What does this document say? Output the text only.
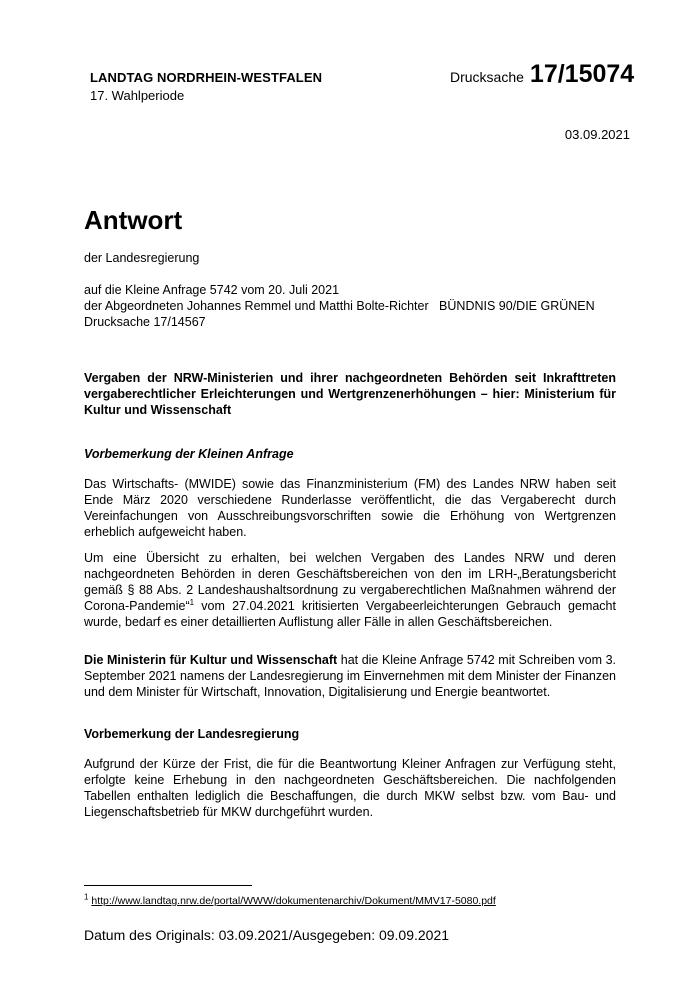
LANDTAG NORDRHEIN-WESTFALEN
17. Wahlperiode
Drucksache 17/15074
03.09.2021
Antwort
der Landesregierung
auf die Kleine Anfrage 5742 vom 20. Juli 2021
der Abgeordneten Johannes Remmel und Matthi Bolte-Richter   BÜNDNIS 90/DIE GRÜNEN
Drucksache 17/14567
Vergaben der NRW-Ministerien und ihrer nachgeordneten Behörden seit Inkrafttreten vergaberechtlicher Erleichterungen und Wertgrenzenerhöhungen – hier: Ministerium für Kultur und Wissenschaft
Vorbemerkung der Kleinen Anfrage
Das Wirtschafts- (MWIDE) sowie das Finanzministerium (FM) des Landes NRW haben seit Ende März 2020 verschiedene Runderlasse veröffentlicht, die das Vergaberecht durch Vereinfachungen von Ausschreibungsvorschriften sowie die Erhöhung von Wertgrenzen erheblich aufgeweicht haben.
Um eine Übersicht zu erhalten, bei welchen Vergaben des Landes NRW und deren nachgeordneten Behörden in deren Geschäftsbereichen von den im LRH-„Beratungsbericht gemäß § 88 Abs. 2 Landeshaushaltsordnung zu vergaberechtlichen Maßnahmen während der Corona-Pandemie“$^1$ vom 27.04.2021 kritisierten Vergabeerleichterungen Gebrauch gemacht wurde, bedarf es einer detaillierten Auflistung aller Fälle in allen Geschäftsbereichen.
Die Ministerin für Kultur und Wissenschaft hat die Kleine Anfrage 5742 mit Schreiben vom 3. September 2021 namens der Landesregierung im Einvernehmen mit dem Minister der Finanzen und dem Minister für Wirtschaft, Innovation, Digitalisierung und Energie beantwortet.
Vorbemerkung der Landesregierung
Aufgrund der Kürze der Frist, die für die Beantwortung Kleiner Anfragen zur Verfügung steht, erfolgte keine Erhebung in den nachgeordneten Geschäftsbereichen. Die nachfolgenden Tabellen enthalten lediglich die Beschaffungen, die durch MKW selbst bzw. vom Bau- und Liegenschaftsbetrieb für MKW durchgeführt wurden.
$^1$ http://www.landtag.nrw.de/portal/WWW/dokumentenarchiv/Dokument/MMV17-5080.pdf
Datum des Originals: 03.09.2021/Ausgegeben: 09.09.2021
